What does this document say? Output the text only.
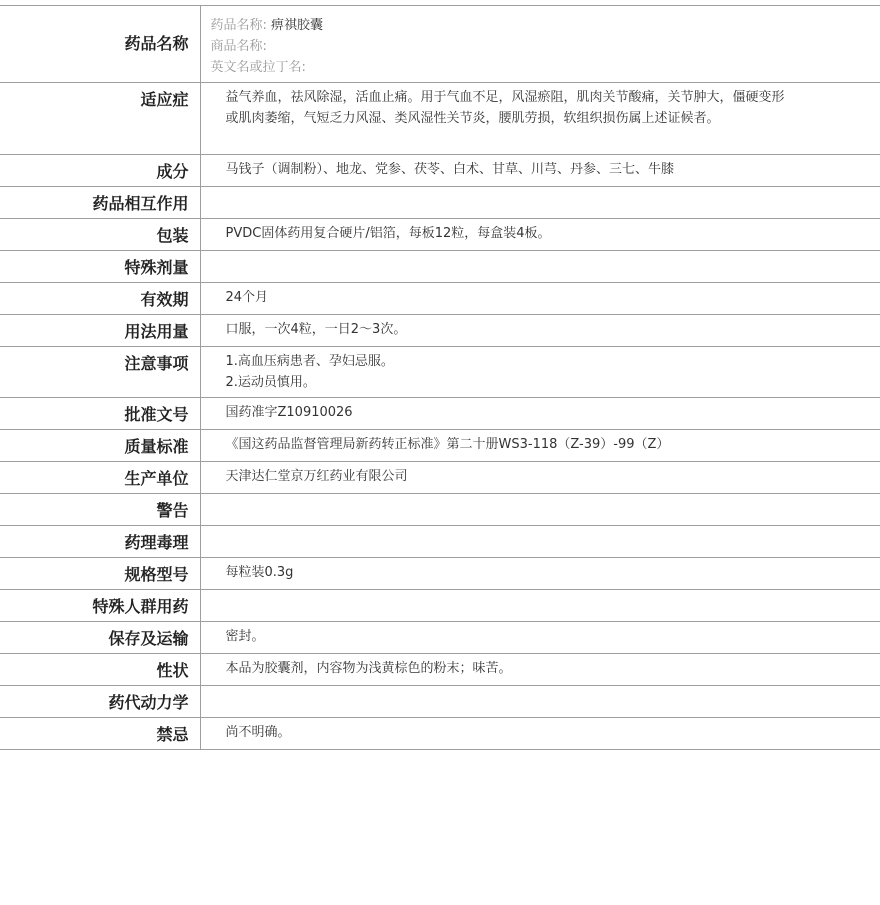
药品名称	药品名称: 痹祺胶囊
商品名称:
英文名或拉丁名:

适应症	益气养血，祛风除湿，活血止痛。用于气血不足，风湿瘀阻，肌肉关节酸痛，关节肿大，僵硬变形或肌肉萎缩，气短乏力风湿、类风湿性关节炎，腰肌劳损，软组织损伤属上述证候者。
成分	马钱子（调制粉）、地龙、党参、茯苓、白术、甘草、川芎、丹参、三七、牛膝
药品相互作用	
包装	PVDC固体药用复合硬片/铝箔，每板12粒，每盒装4板。
特殊剂量	
有效期	24个月
用法用量	口服，一次4粒，一日2～3次。
注意事项	1.高血压病患者、孕妇忌服。
2.运动员慎用。

批准文号	国药准字Z10910026
质量标准	《国这药品监督管理局新药转正标准》第二十册WS3-118（Z-39）-99（Z）
生产单位	天津达仁堂京万红药业有限公司
警告	
药理毒理	
规格型号	每粒装0.3g
特殊人群用药	
保存及运输	密封。
性状	本品为胶囊剂，内容物为浅黄棕色的粉末；味苦。
药代动力学	
禁忌	尚不明确。
